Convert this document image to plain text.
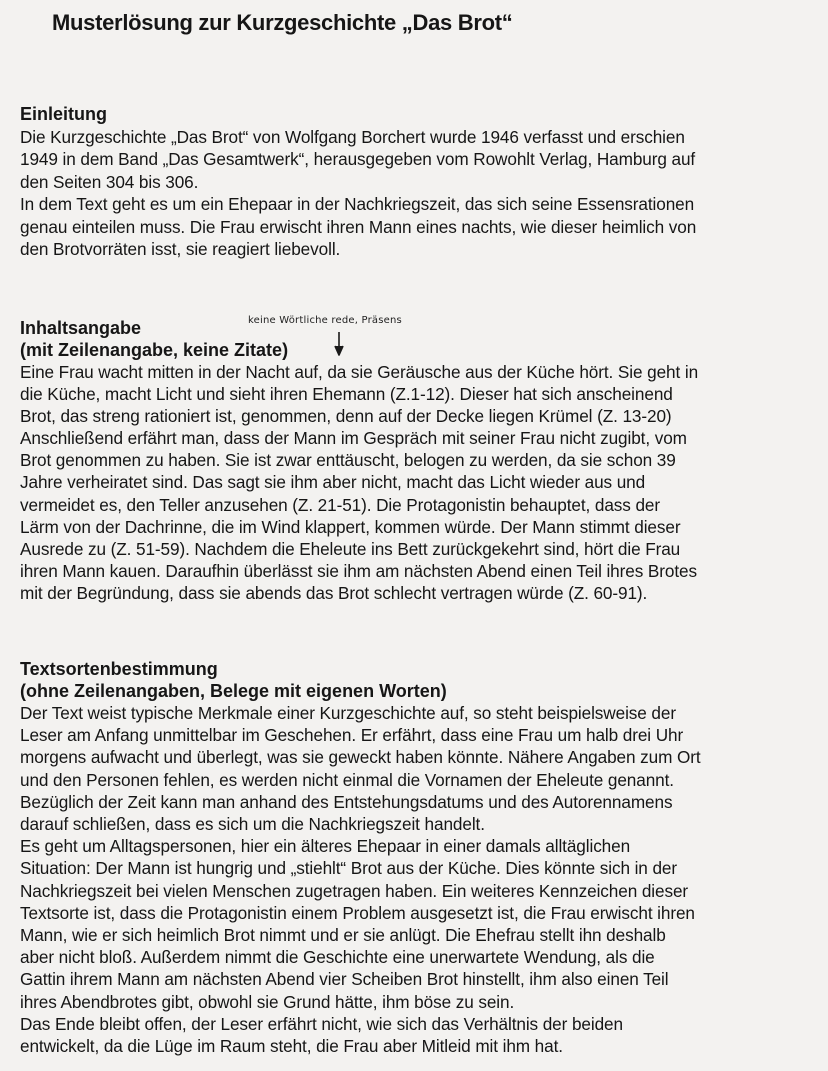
Musterlösung zur Kurzgeschichte „Das Brot“
Einleitung
Die Kurzgeschichte „Das Brot“ von Wolfgang Borchert wurde 1946 verfasst und erschien
1949 in dem Band „Das Gesamtwerk“, herausgegeben vom Rowohlt Verlag, Hamburg auf
den Seiten 304 bis 306.
In dem Text geht es um ein Ehepaar in der Nachkriegszeit, das sich seine Essensrationen
genau einteilen muss. Die Frau erwischt ihren Mann eines nachts, wie dieser heimlich von
den Brotvorräten isst, sie reagiert liebevoll.
Inhaltsangabe
(mit Zeilenangabe, keine Zitate)
Eine Frau wacht mitten in der Nacht auf, da sie Geräusche aus der Küche hört. Sie geht in
die Küche, macht Licht und sieht ihren Ehemann (Z.1-12). Dieser hat sich anscheinend
Brot, das streng rationiert ist, genommen, denn auf der Decke liegen Krümel (Z. 13-20)
Anschließend erfährt man, dass der Mann im Gespräch mit seiner Frau nicht zugibt, vom
Brot genommen zu haben. Sie ist zwar enttäuscht, belogen zu werden, da sie schon 39
Jahre verheiratet sind. Das sagt sie ihm aber nicht, macht das Licht wieder aus und
vermeidet es, den Teller anzusehen (Z. 21-51). Die Protagonistin behauptet, dass der
Lärm von der Dachrinne, die im Wind klappert, kommen würde. Der Mann stimmt dieser
Ausrede zu (Z. 51-59). Nachdem die Eheleute ins Bett zurückgekehrt sind, hört die Frau
ihren Mann kauen. Daraufhin überlässt sie ihm am nächsten Abend einen Teil ihres Brotes
mit der Begründung, dass sie abends das Brot schlecht vertragen würde (Z. 60-91).
keine Wörtliche rede, Präsens
Textsortenbestimmung
(ohne Zeilenangaben, Belege mit eigenen Worten)
Der Text weist typische Merkmale einer Kurzgeschichte auf, so steht beispielsweise der
Leser am Anfang unmittelbar im Geschehen. Er erfährt, dass eine Frau um halb drei Uhr
morgens aufwacht und überlegt, was sie geweckt haben könnte. Nähere Angaben zum Ort
und den Personen fehlen, es werden nicht einmal die Vornamen der Eheleute genannt.
Bezüglich der Zeit kann man anhand des Entstehungsdatums und des Autorennamens
darauf schließen, dass es sich um die Nachkriegszeit handelt.
Es geht um Alltagspersonen, hier ein älteres Ehepaar in einer damals alltäglichen
Situation: Der Mann ist hungrig und „stiehlt“ Brot aus der Küche. Dies könnte sich in der
Nachkriegszeit bei vielen Menschen zugetragen haben. Ein weiteres Kennzeichen dieser
Textsorte ist, dass die Protagonistin einem Problem ausgesetzt ist, die Frau erwischt ihren
Mann, wie er sich heimlich Brot nimmt und er sie anlügt. Die Ehefrau stellt ihn deshalb
aber nicht bloß. Außerdem nimmt die Geschichte eine unerwartete Wendung, als die
Gattin ihrem Mann am nächsten Abend vier Scheiben Brot hinstellt, ihm also einen Teil
ihres Abendbrotes gibt, obwohl sie Grund hätte, ihm böse zu sein.
Das Ende bleibt offen, der Leser erfährt nicht, wie sich das Verhältnis der beiden
entwickelt, da die Lüge im Raum steht, die Frau aber Mitleid mit ihm hat.
